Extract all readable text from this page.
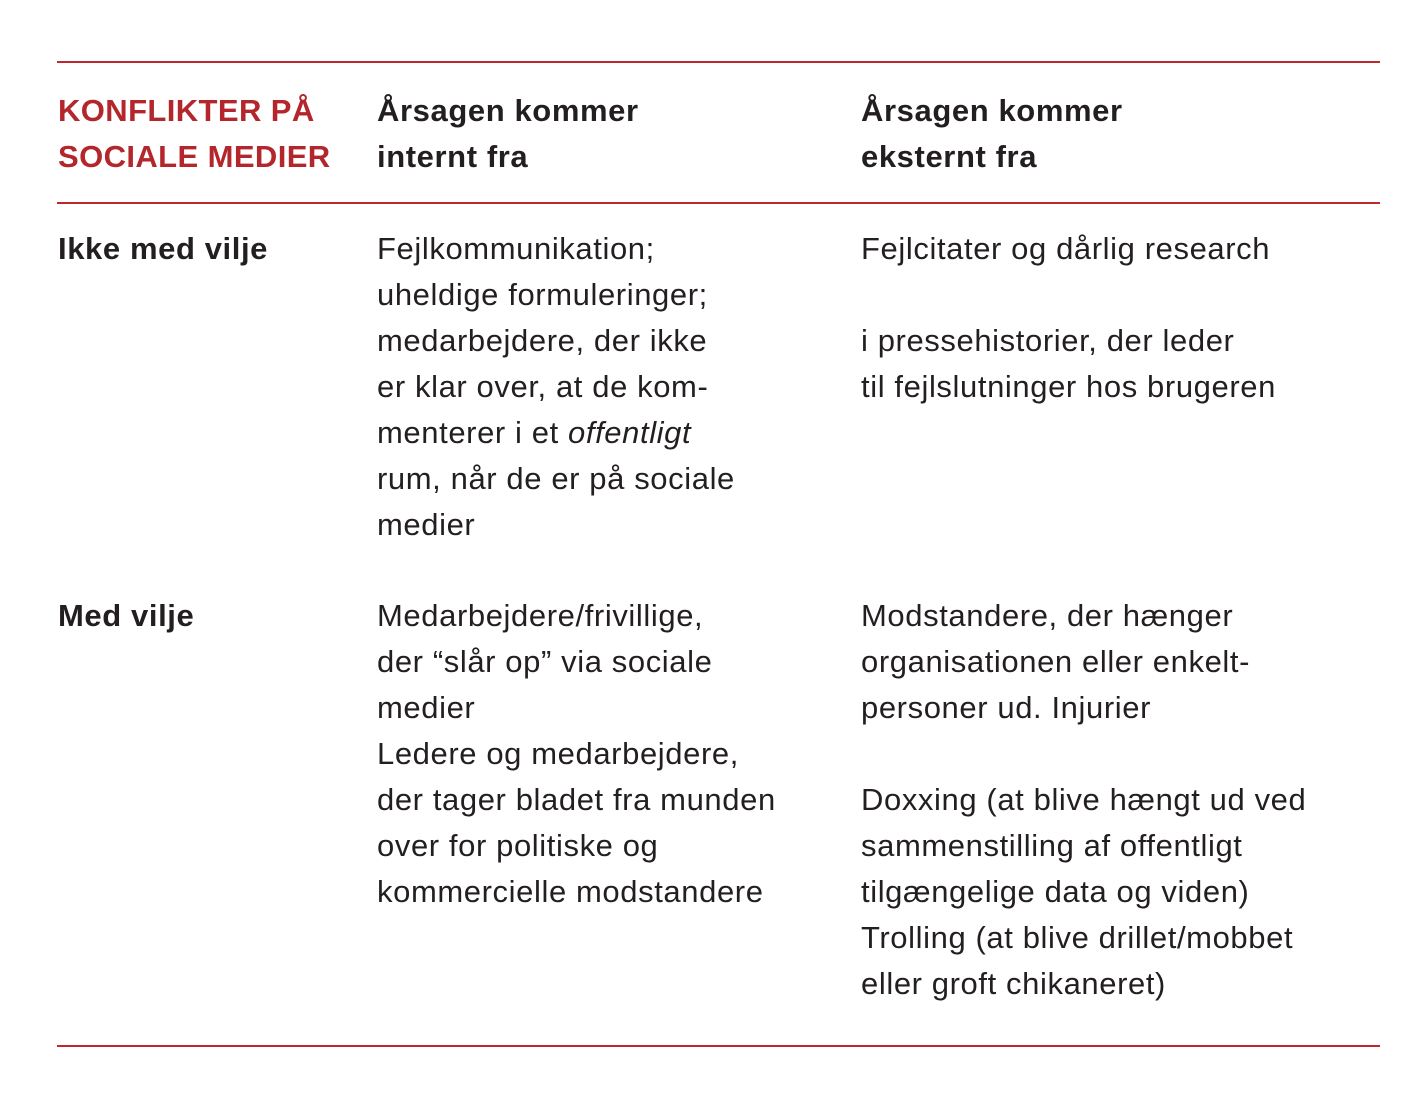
KONFLIKTER PÅ
SOCIALE MEDIER
Årsagen kommer
internt fra
Årsagen kommer
eksternt fra
Ikke med vilje	Fejlkommunikation;
uheldige formuleringer;
medarbejdere, der ikke
er klar over, at de kom-
menterer i et offentligt
rum, når de er på sociale
medier
Fejlcitater og dårlig research
i pressehistorier, der leder
til fejlslutninger hos brugeren
Med vilje	Medarbejdere/frivillige,
der “slår op” via sociale
medier
Ledere og medarbejdere,
der tager bladet fra munden
over for politiske og
kommercielle modstandere
Modstandere, der hænger
organisationen eller enkelt-
personer ud. Injurier
Doxxing (at blive hængt ud ved
sammenstilling af offentligt
tilgængelige data og viden)
Trolling (at blive drillet/mobbet
eller groft chikaneret)
